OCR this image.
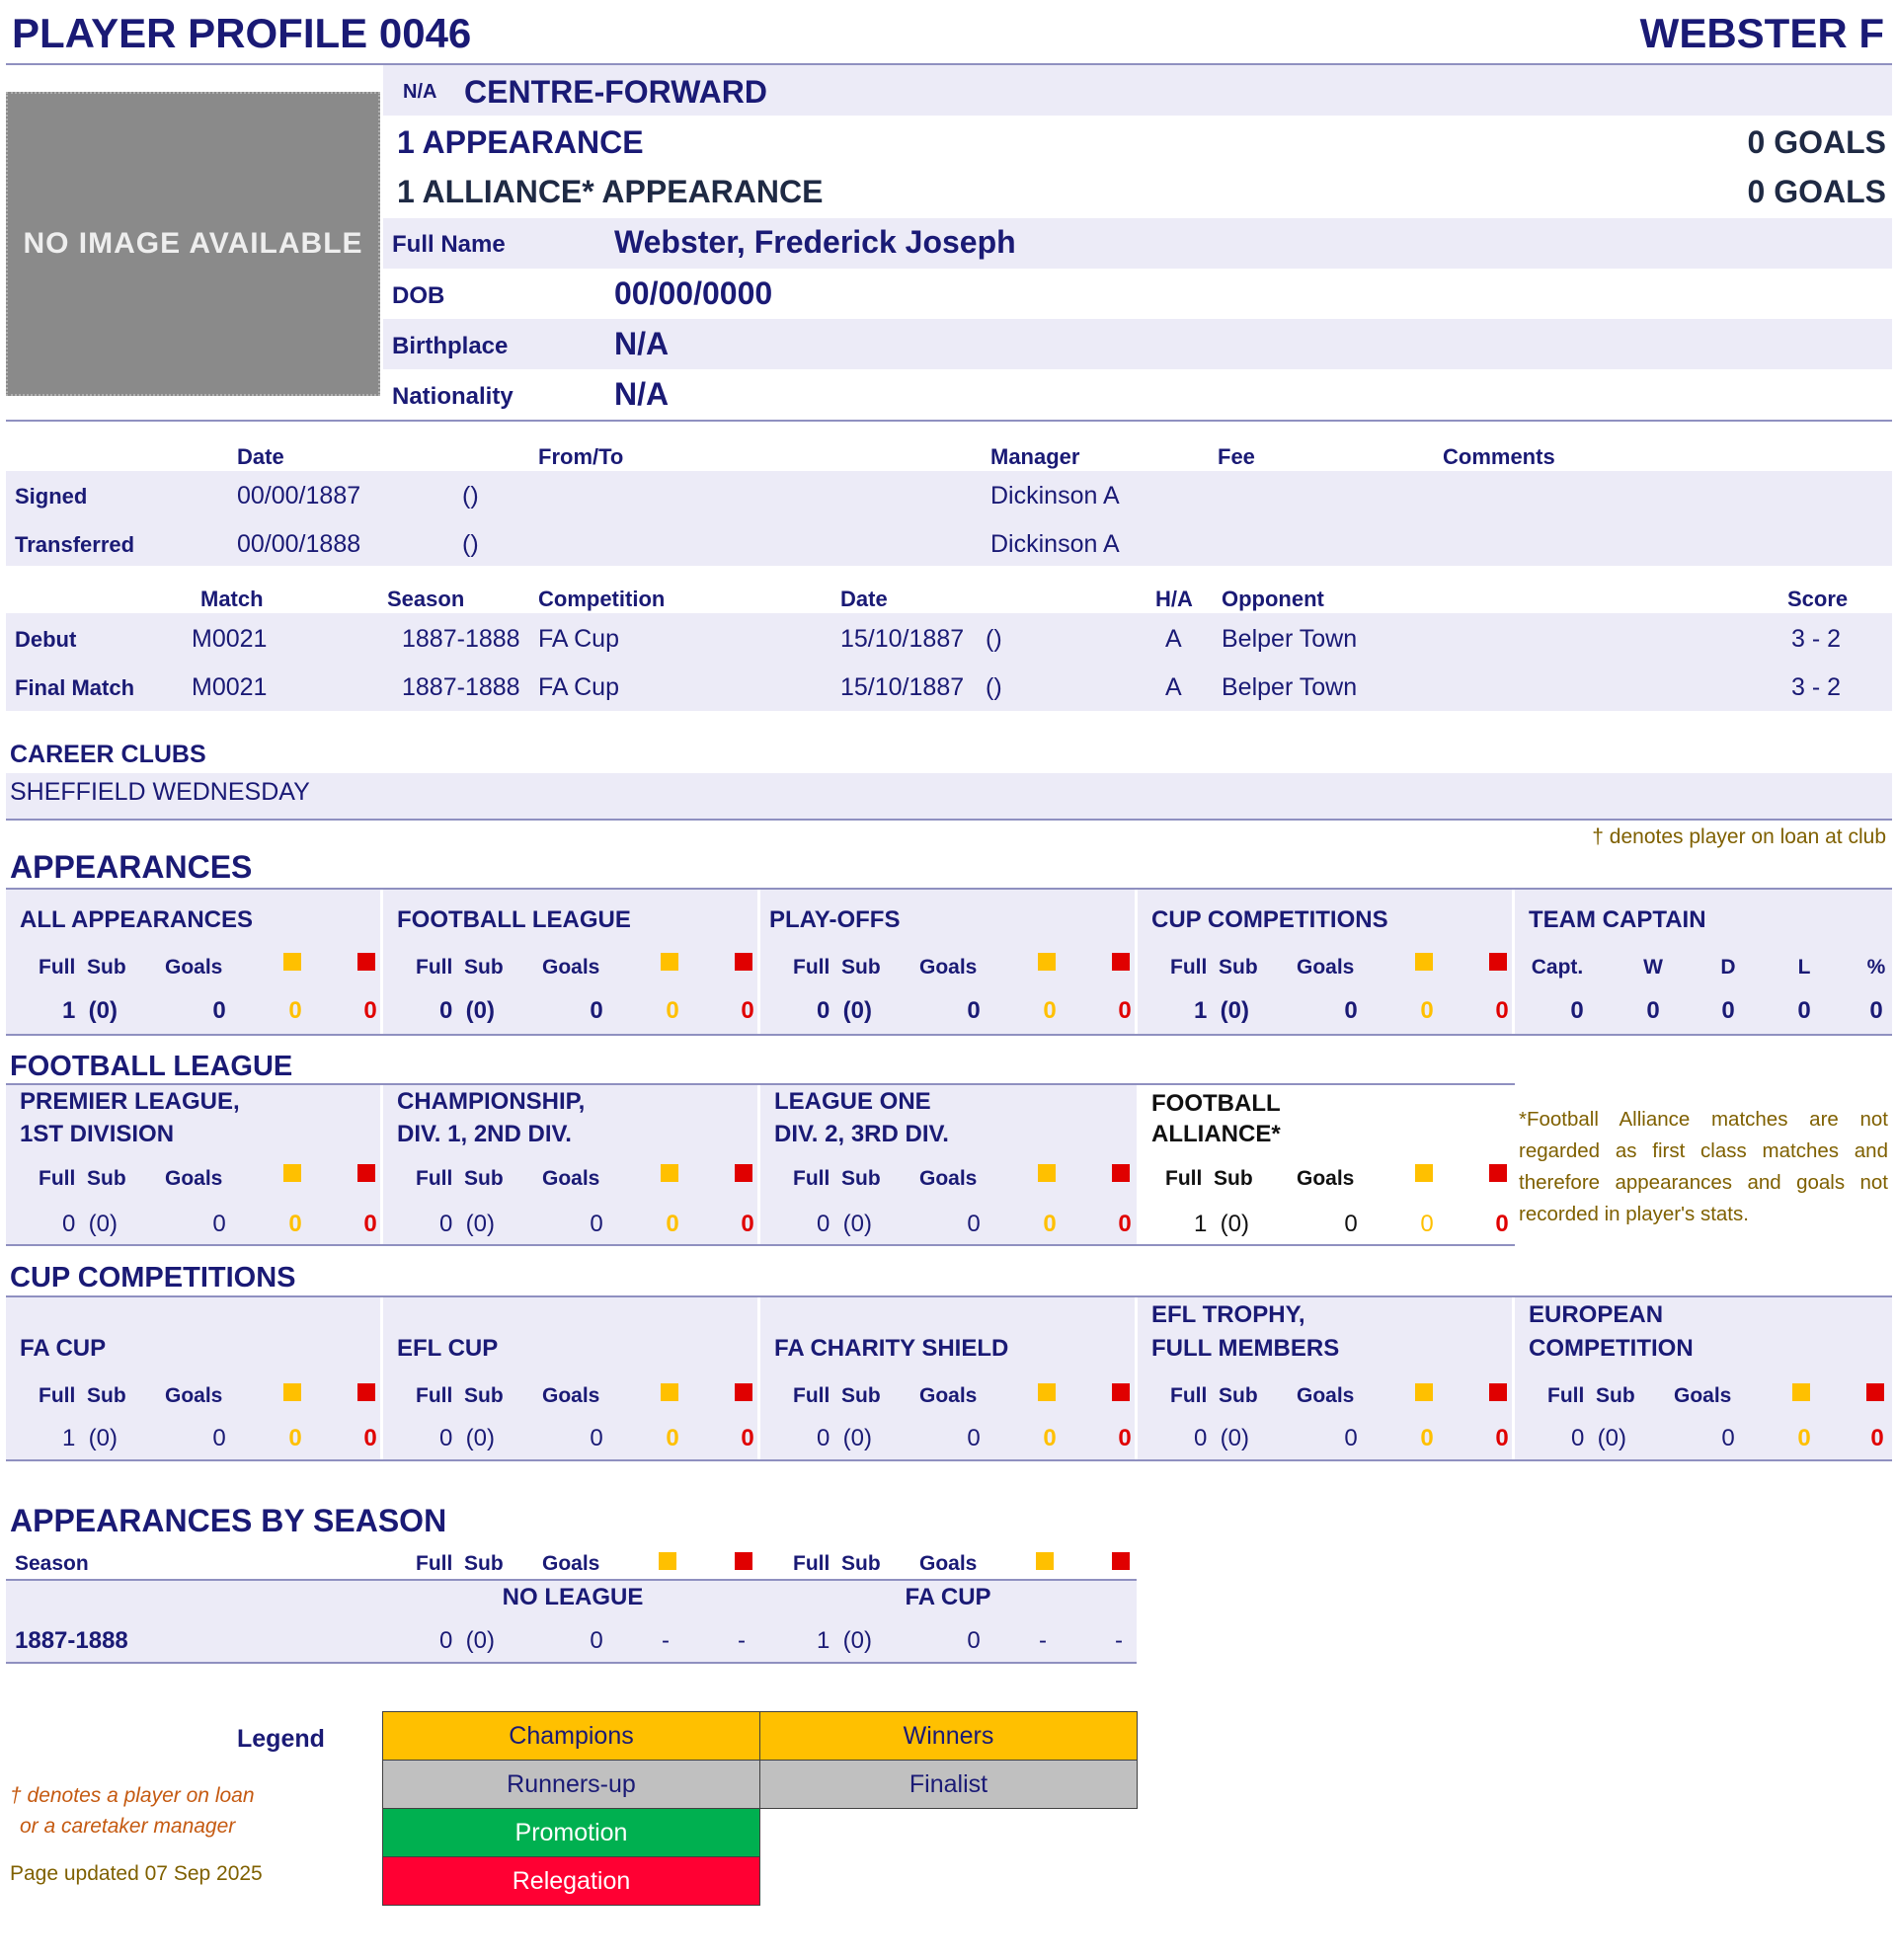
PLAYER PROFILE 0046	WEBSTER F
NO IMAGE AVAILABLE
N/A CENTRE-FORWARD
1 APPEARANCE	0 GOALS
1 ALLIANCE* APPEARANCE	0 GOALS
Full Name	Webster, Frederick Joseph
DOB	00/00/0000
Birthplace	N/A
Nationality	N/A
Date	From/To	Manager	Fee	Comments
Signed	00/00/1887	()	Dickinson A
Transferred	00/00/1888	()	Dickinson A
Match	Season	Competition	Date	H/A Opponent	Score
Debut	M0021	1887-1888 FA Cup	15/10/1887 ()	A Belper Town	3 - 2
Final Match M0021	1887-1888 FA Cup	15/10/1887 ()	A Belper Town	3 - 2
CAREER CLUBS
SHEFFIELD WEDNESDAY
† denotes player on loan at club
APPEARANCES
ALL APPEARANCES
Full  Sub Goals
1  (0)	0	0	0
FOOTBALL LEAGUE
Full  Sub Goals
0  (0)	0	0	0
PLAY-OFFS
Full  Sub Goals
0  (0)	0	0	0
CUP COMPETITIONS
Full  Sub Goals
1  (0)	0	0	0
TEAM CAPTAIN
Capt.	W	D	L	%
0	0	0	0	0
FOOTBALL LEAGUE
PREMIER LEAGUE,
1ST DIVISION
Full  Sub Goals
0  (0)	0	0	0
CHAMPIONSHIP,
DIV. 1, 2ND DIV.
Full  Sub Goals
0  (0)	0	0	0
LEAGUE ONE
DIV. 2, 3RD DIV.
Full  Sub Goals
0  (0)	0	0	0
FOOTBALL
ALLIANCE*
Full  Sub Goals
1  (0)	0	0	0
*Football Alliance matches are not regarded as first class matches and therefore appearances and goals not recorded in player's stats.
CUP COMPETITIONS
FA CUP
Full  Sub Goals
1  (0)	0	0	0
EFL CUP
Full  Sub Goals
0  (0)	0	0	0
FA CHARITY SHIELD
Full  Sub Goals
0  (0)	0	0	0
EFL TROPHY,
FULL MEMBERS
Full  Sub Goals
0  (0)	0	0	0
EUROPEAN
COMPETITION
Full  Sub Goals
0  (0)	0	0	0
APPEARANCES BY SEASON
Season	Full  Sub Goals	Full  Sub Goals
NO LEAGUE	FA CUP
1887-1888	0  (0)	0	-	-	1  (0)	0	-	-
Legend	Champions	Winners
Runners-up	Finalist
Promotion
Relegation
† denotes a player on loan
or a caretaker manager
Page updated 07 Sep 2025
